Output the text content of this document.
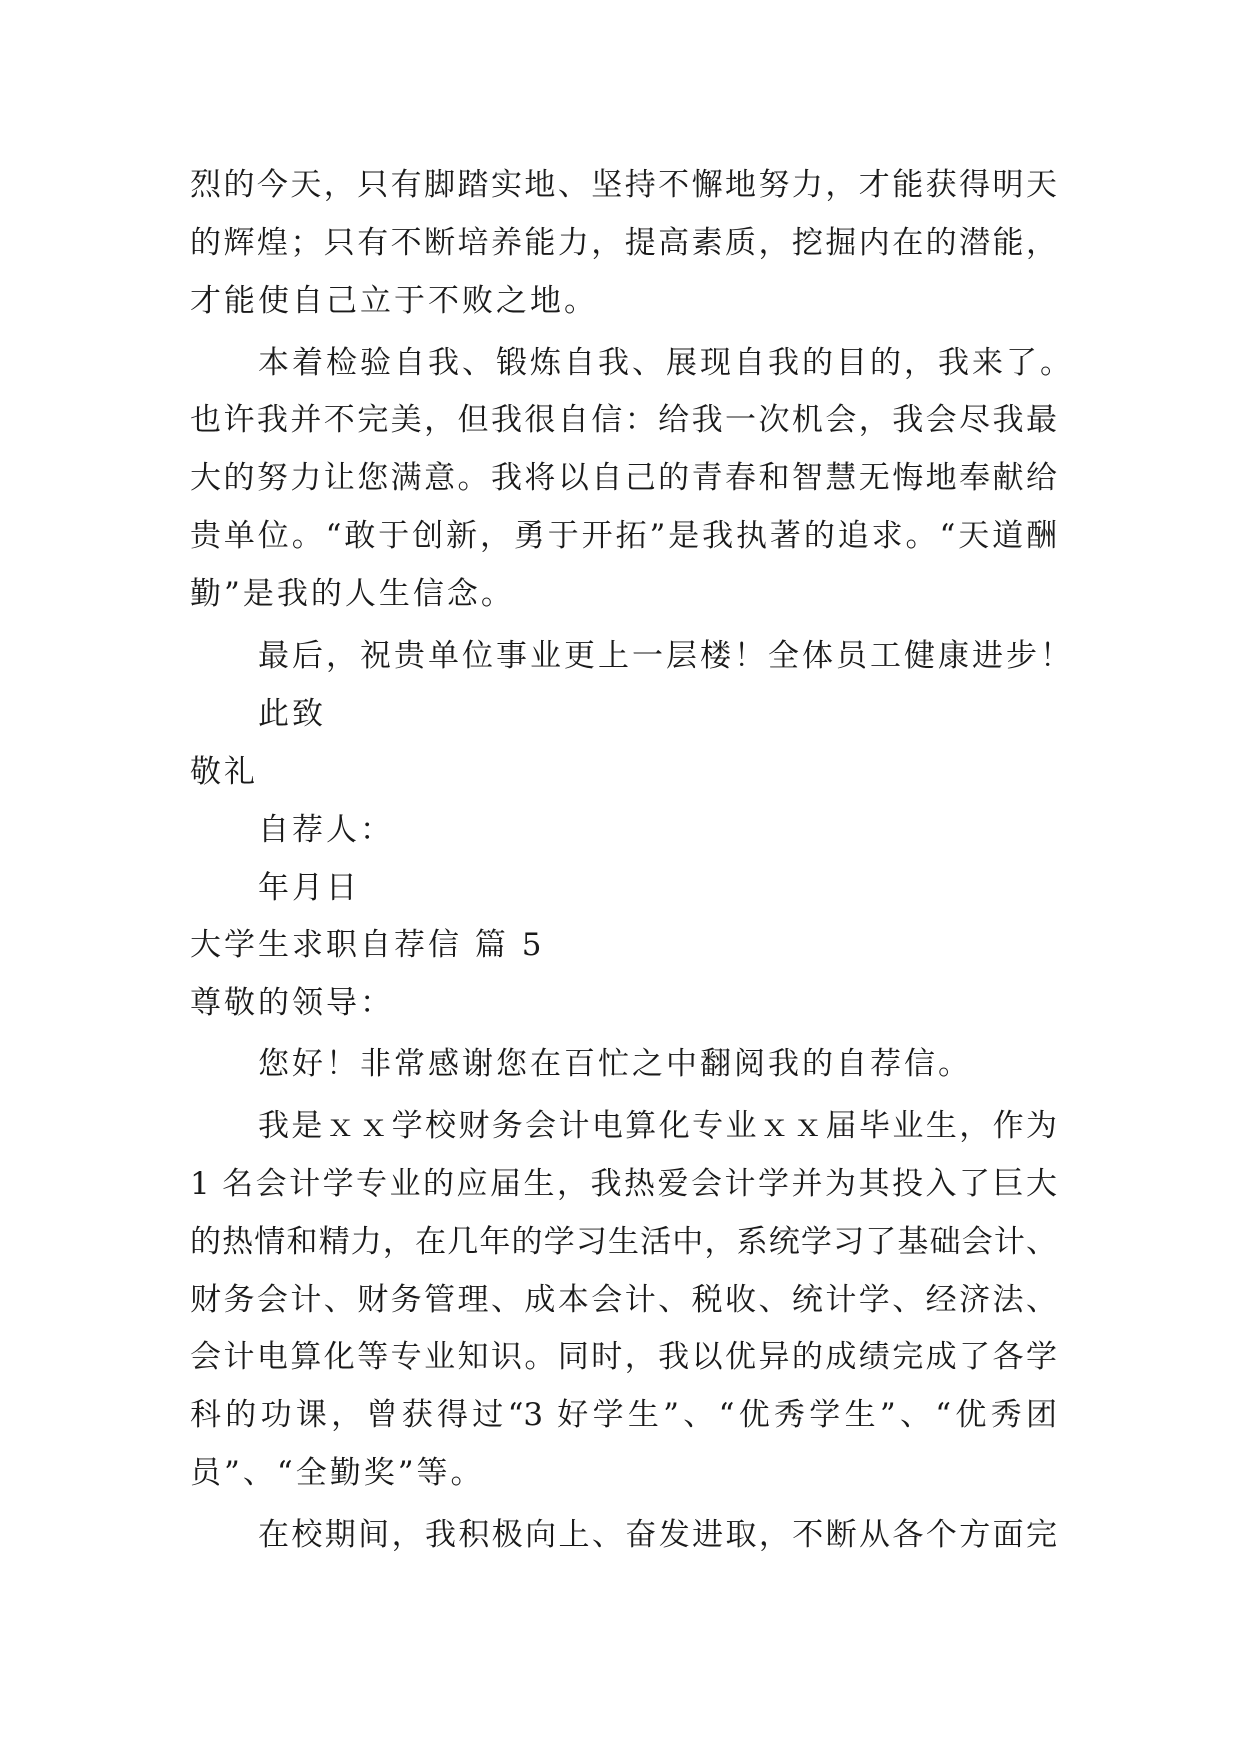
烈的今天，只有脚踏实地、坚持不懈地努力，才能获得明天
的辉煌；只有不断培养能力，提高素质，挖掘内在的潜能，
才能使自己立于不败之地。
本着检验自我、锻炼自我、展现自我的目的，我来了。
也许我并不完美，但我很自信：给我一次机会，我会尽我最
大的努力让您满意。我将以自己的青春和智慧无悔地奉献给
贵单位。“敢于创新，勇于开拓”是我执著的追求。“天道酬
勤”是我的人生信念。
最后，祝贵单位事业更上一层楼！全体员工健康进步！
此致
敬礼
自荐人：
年月日
大学生求职自荐信 篇 5
尊敬的领导：
您好！非常感谢您在百忙之中翻阅我的自荐信。
我是ｘｘ学校财务会计电算化专业ｘｘ届毕业生，作为
1 名会计学专业的应届生，我热爱会计学并为其投入了巨大
的热情和精力，在几年的学习生活中，系统学习了基础会计、
财务会计、财务管理、成本会计、税收、统计学、经济法、
会计电算化等专业知识。同时，我以优异的成绩完成了各学
科的功课，曾获得过“3 好学生”、“优秀学生”、“优秀团
员”、“全勤奖”等。
在校期间，我积极向上、奋发进取，不断从各个方面完
